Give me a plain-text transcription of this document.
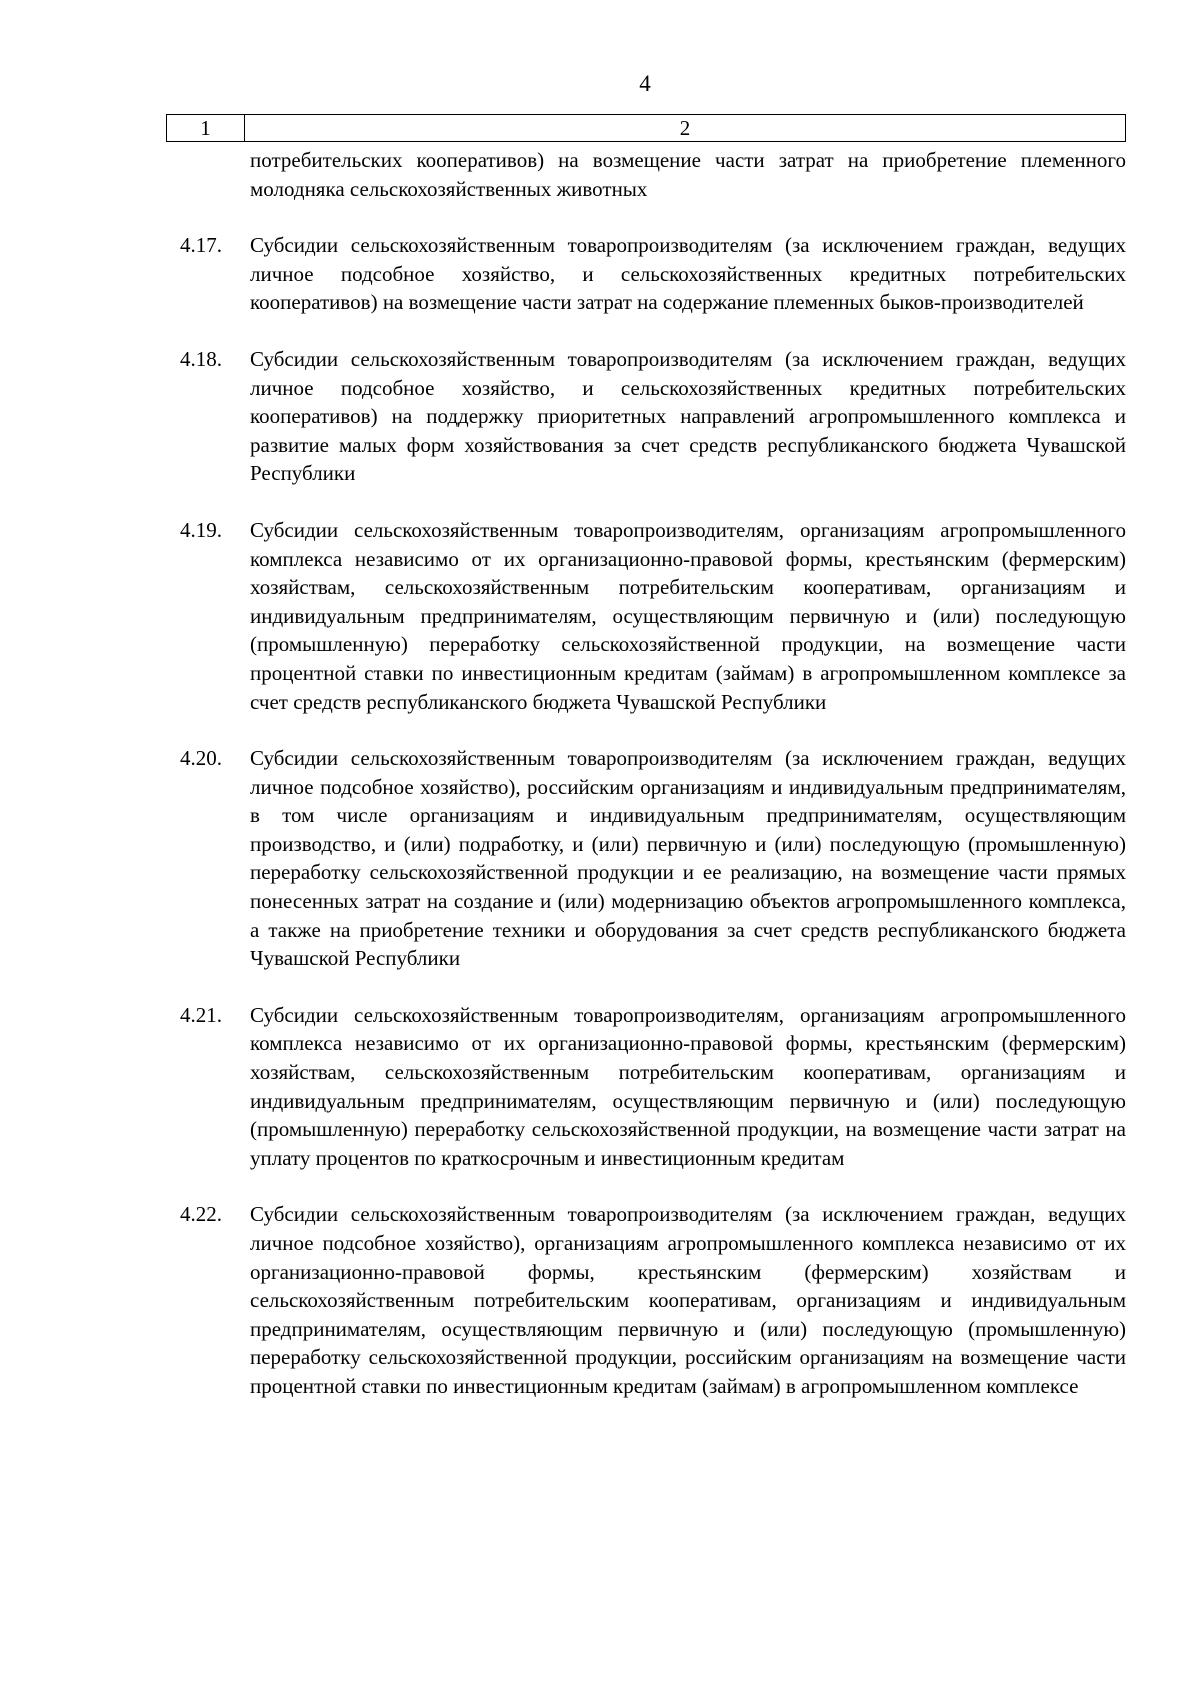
4
1	2
потребительских кооперативов) на возмещение части затрат на приобретение племенного молодняка сельскохозяйственных животных
4.17.	Субсидии сельскохозяйственным товаропроизводителям (за исключением граждан, ведущих личное подсобное хозяйство, и сельскохозяйственных кредитных потребительских кооперативов) на возмещение части затрат на содержание племенных быков-производителей
4.18.	Субсидии сельскохозяйственным товаропроизводителям (за исключением граждан, ведущих личное подсобное хозяйство, и сельскохозяйственных кредитных потребительских кооперативов) на поддержку приоритетных направлений агропромышленного комплекса и развитие малых форм хозяйствования за счет средств республиканского бюджета Чувашской Республики
4.19.	Субсидии сельскохозяйственным товаропроизводителям, организациям агропромышленного комплекса независимо от их организационно-правовой формы, крестьянским (фермерским) хозяйствам, сельскохозяйственным потребительским кооперативам, организациям и индивидуальным предпринимателям, осуществляющим первичную и (или) последующую (промышленную) переработку сельскохозяйственной продукции, на возмещение части процентной ставки по инвестиционным кредитам (займам) в агропромышленном комплексе за счет средств республиканского бюджета Чувашской Республики
4.20.	Субсидии сельскохозяйственным товаропроизводителям (за исключением граждан, ведущих личное подсобное хозяйство), российским организациям и индивидуальным предпринимателям, в том числе организациям и индивидуальным предпринимателям, осуществляющим производство, и (или) подработку, и (или) первичную и (или) последующую (промышленную) переработку сельскохозяйственной продукции и ее реализацию, на возмещение части прямых понесенных затрат на создание и (или) модернизацию объектов агропромышленного комплекса, а также на приобретение техники и оборудования за счет средств республиканского бюджета Чувашской Республики
4.21.	Субсидии сельскохозяйственным товаропроизводителям, организациям агропромышленного комплекса независимо от их организационно-правовой формы, крестьянским (фермерским) хозяйствам, сельскохозяйственным потребительским кооперативам, организациям и индивидуальным предпринимателям, осуществляющим первичную и (или) последующую (промышленную) переработку сельскохозяйственной продукции, на возмещение части затрат на уплату процентов по краткосрочным и инвестиционным кредитам
4.22.	Субсидии сельскохозяйственным товаропроизводителям (за исключением граждан, ведущих личное подсобное хозяйство), организациям агропромышленного комплекса независимо от их организационно-правовой формы, крестьянским (фермерским) хозяйствам и сельскохозяйственным потребительским кооперативам, организациям и индивидуальным предпринимателям, осуществляющим первичную и (или) последующую (промышленную) переработку сельскохозяйственной продукции, российским организациям на возмещение части процентной ставки по инвестиционным кредитам (займам) в агропромышленном комплексе
